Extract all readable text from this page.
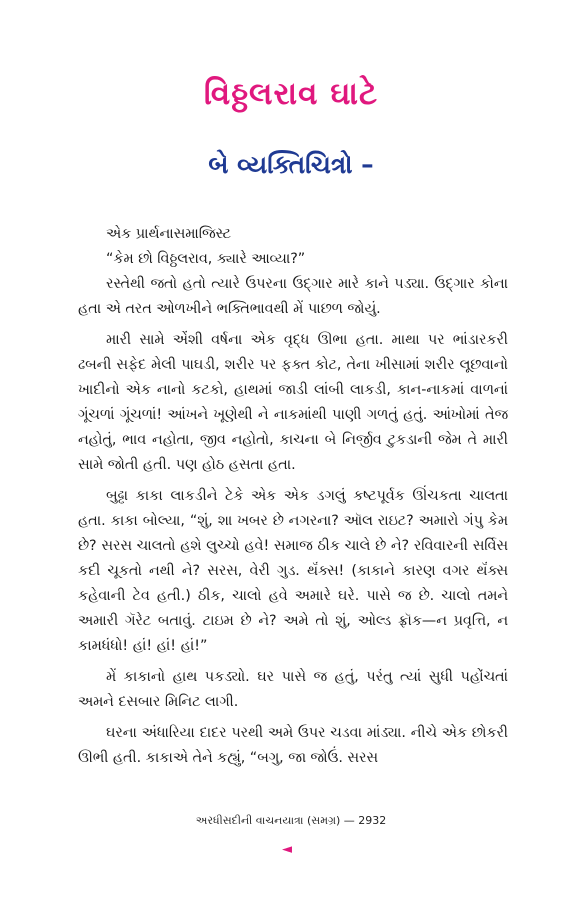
વિઠ્ઠલરાવ ઘાટે
બે વ્યક્તિચિત્રો –

એક પ્રાર્થનાસમાજિસ્ટ

“કેમ છો વિઠ્ઠલરાવ, ક્યારે આવ્યા?”

રસ્તેથી જતો હતો ત્યારે ઉપરના ઉદ્ગાર મારે કાને પડ્યા. ઉદ્ગાર કોના હતા એ તરત ઓળખીને ભક્તિભાવથી મેં પાછળ જોયું.

મારી સામે એંશી વર્ષના એક વૃદ્ધ ઊભા હતા. માથા પર ભાંડારકરી ઢબની સફેદ મેલી પાઘડી, શરીર પર ફક્ત કોટ, તેના ખીસામાં શરીર લૂછવાનો ખાદીનો એક નાનો કટકો, હાથમાં જાડી લાંબી લાકડી, કાન-નાકમાં વાળનાં ગૂંચળાં ગૂંચળાં! આંખને ખૂણેથી ને નાકમાંથી પાણી ગળતું હતું. આંખોમાં તેજ નહોતું, ભાવ નહોતા, જીવ નહોતો, કાચના બે નિર્જીવ ટુકડાની જેમ તે મારી સામે જોતી હતી. પણ હોઠ હસતા હતા.

બુઢ્ઢા કાકા લાકડીને ટેકે એક એક ડગલું કષ્ટપૂર્વક ઊંચકતા ચાલતા હતા. કાકા બોલ્યા, “શું, શા ખબર છે નગરના? ઑલ રાઇટ? અમારો ગંપુ કેમ છે? સરસ ચાલતો હશે લુચ્ચો હવે! સમાજ ઠીક ચાલે છે ને? રવિવારની સર્વિસ કદી ચૂકતો નથી ને? સરસ, વેરી ગુડ. થૅંક્સ! (કાકાને કારણ વગર થૅંક્સ કહેવાની ટેવ હતી.) ઠીક, ચાલો હવે અમારે ઘરે. પાસે જ છે. ચાલો તમને અમારી ગૅરેટ બતાવું. ટાઇમ છે ને? અમે તો શું, ઓલ્ડ ફ્રૉક—ન પ્રવૃત્તિ, ન કામધંધો! હાં! હાં! હાં!”

મેં કાકાનો હાથ પકડ્યો. ઘર પાસે જ હતું, પરંતુ ત્યાં સુધી પહોંચતાં અમને દસબાર મિનિટ લાગી.

ઘરના અંધારિયા દાદર પરથી અમે ઉપર ચડવા માંડ્યા. નીચે એક છોકરી ઊભી હતી. કાકાએ તેને કહ્યું, “બગુ, જા જોઉં. સરસ

અરધીસદીની વાચનયાત્રા (સમગ્ર) — 2932
◄
